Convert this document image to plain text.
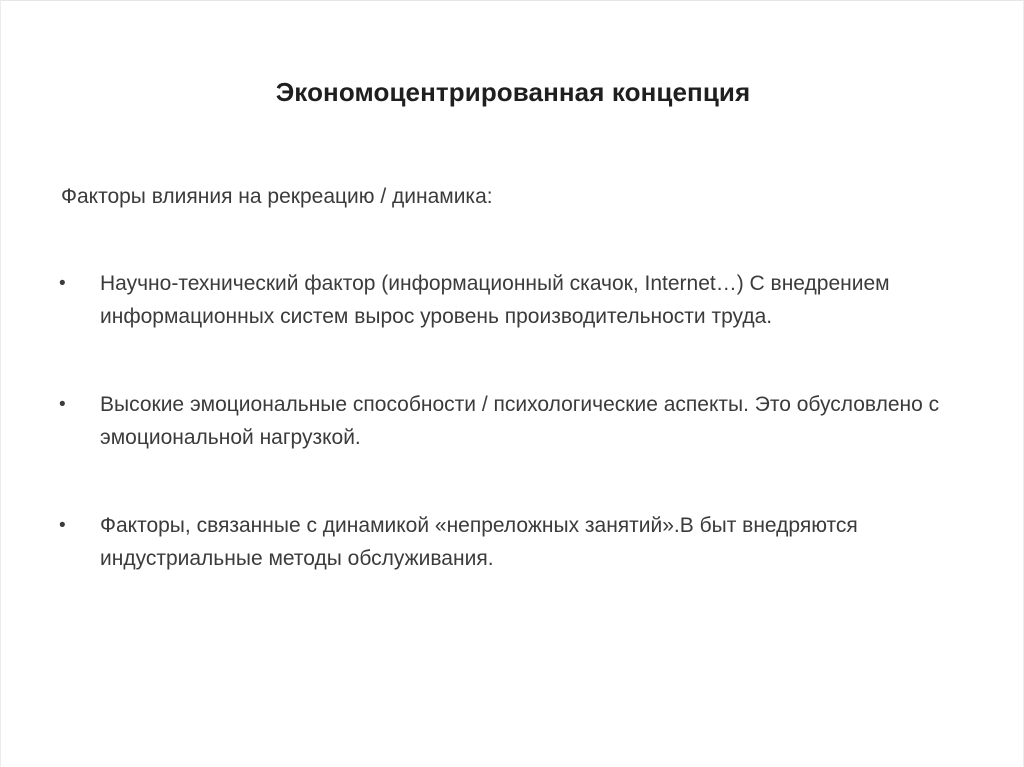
Экономоцентрированная концепция
Факторы влияния на рекреацию / динамика:
•	Научно-технический фактор (информационный скачок, Internet…) С внедрением информационных систем вырос уровень производительности труда.
•	Высокие эмоциональные способности / психологические аспекты. Это обусловлено с эмоциональной нагрузкой.
•	Факторы, связанные с динамикой «непреложных занятий».В быт внедряются индустриальные методы обслуживания.
